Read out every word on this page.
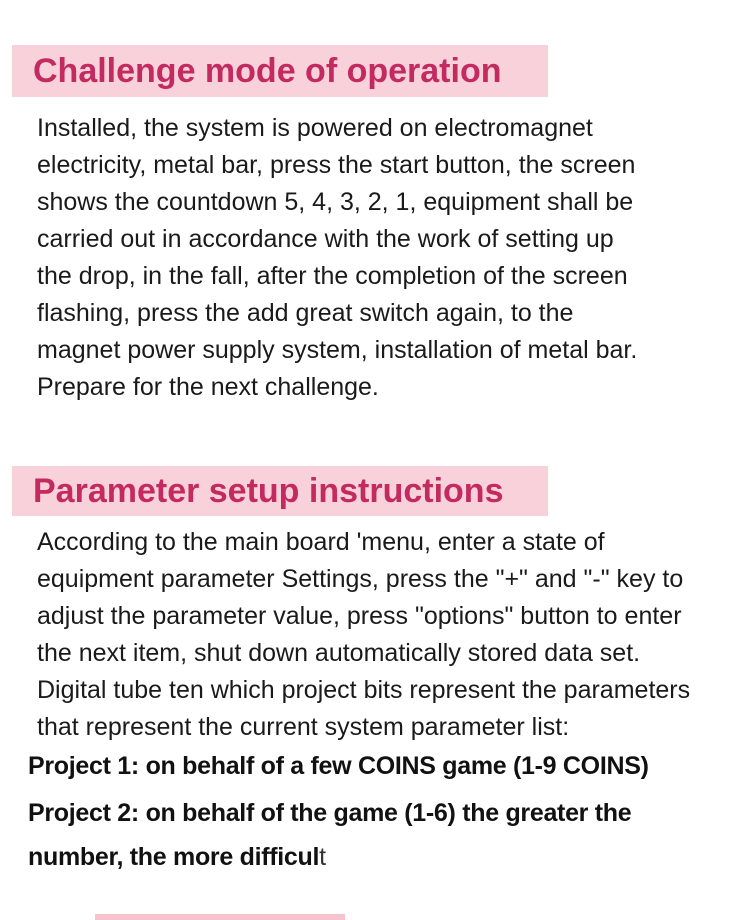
Challenge mode of operation
Installed, the system is powered on electromagnet
electricity, metal bar, press the start button, the screen
shows the countdown 5, 4, 3, 2, 1, equipment shall be
carried out in accordance with the work of setting up
the drop, in the fall, after the completion of the screen
flashing, press the add great switch again, to the
magnet power supply system, installation of metal bar.
Prepare for the next challenge.
Parameter setup instructions
According to the main board 'menu, enter a state of
equipment parameter Settings, press the "+" and "-" key to
adjust the parameter value, press "options" button to enter
the next item, shut down automatically stored data set.
Digital tube ten which project bits represent the parameters
that represent the current system parameter list:
Project 1: on behalf of a few COINS game (1-9 COINS)
Project 2: on behalf of the game (1-6) the greater the
number, the more difficult
